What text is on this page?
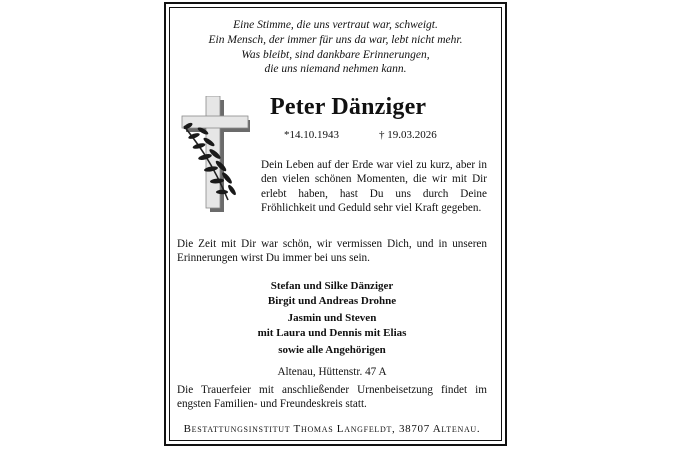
Eine Stimme, die uns vertraut war, schweigt.
Ein Mensch, der immer für uns da war, lebt nicht mehr.
Was bleibt, sind dankbare Erinnerungen,
die uns niemand nehmen kann.
Peter Dänziger
*14.10.1943	† 19.03.2026
Dein Leben auf der Erde war viel zu kurz, aber in den vielen schönen Momenten, die wir mit Dir erlebt haben, hast Du uns durch Deine Fröhlichkeit und Geduld sehr viel Kraft gegeben.
Die Zeit mit Dir war schön, wir vermissen Dich, und in unseren Erinnerungen wirst Du immer bei uns sein.
Stefan und Silke Dänziger
Birgit und Andreas Drohne
Jasmin und Steven
mit Laura und Dennis mit Elias
sowie alle Angehörigen
Altenau, Hüttenstr. 47 A
Die Trauerfeier mit anschließender Urnenbeisetzung findet im engsten Familien- und Freundeskreis statt.
Bestattungsinstitut Thomas Langfeldt, 38707 Altenau.
